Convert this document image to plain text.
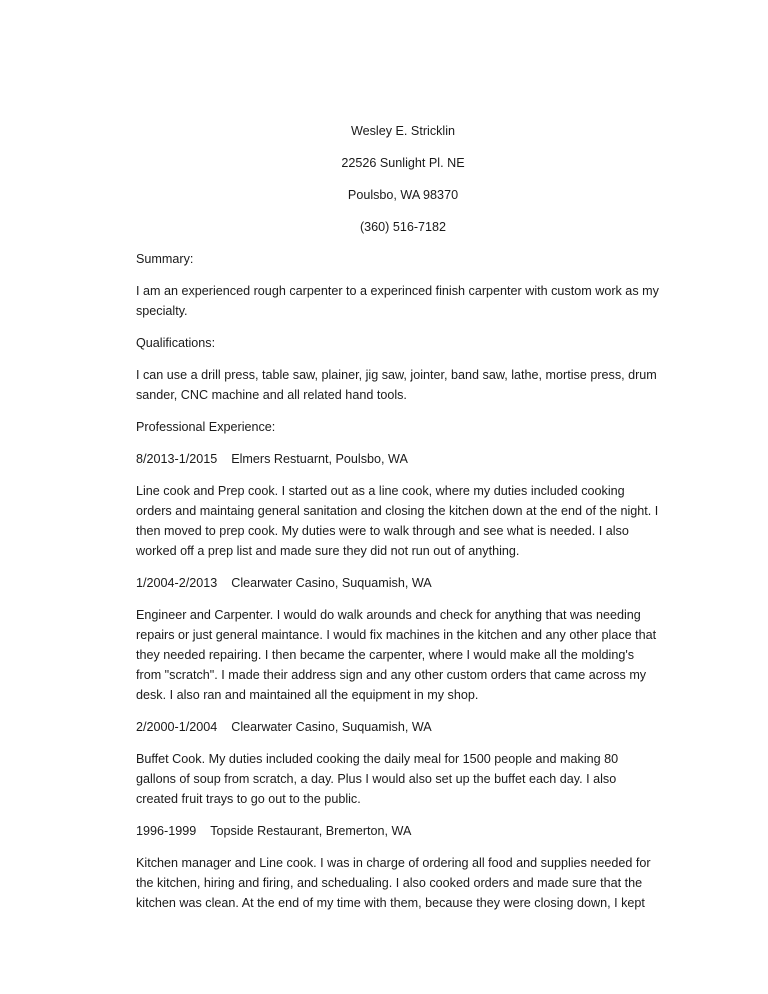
Wesley E. Stricklin
22526 Sunlight Pl. NE
Poulsbo, WA 98370
(360) 516-7182

Summary:

I am an experienced rough carpenter to a experinced finish carpenter with custom work as my specialty.

Qualifications:

I can use a drill press, table saw, plainer, jig saw, jointer, band saw, lathe, mortise press, drum sander, CNC machine and all related hand tools.

Professional Experience:

8/2013-1/2015 Elmers Restuarnt, Poulsbo, WA

Line cook and Prep cook. I started out as a line cook, where my duties included cooking orders and maintaing general sanitation and closing the kitchen down at the end of the night. I then moved to prep cook. My duties were to walk through and see what is needed. I also worked off a prep list and made sure they did not run out of anything.

1/2004-2/2013 Clearwater Casino, Suquamish, WA

Engineer and Carpenter. I would do walk arounds and check for anything that was needing repairs or just general maintance. I would fix machines in the kitchen and any other place that they needed repairing. I then became the carpenter, where I would make all the molding's from "scratch". I made their address sign and any other custom orders that came across my desk. I also ran and maintained all the equipment in my shop.

2/2000-1/2004 Clearwater Casino, Suquamish, WA

Buffet Cook. My duties included cooking the daily meal for 1500 people and making 80 gallons of soup from scratch, a day. Plus I would also set up the buffet each day. I also created fruit trays to go out to the public.

1996-1999 Topside Restaurant, Bremerton, WA

Kitchen manager and Line cook. I was in charge of ordering all food and supplies needed for the kitchen, hiring and firing, and schedualing. I also cooked orders and made sure that the kitchen was clean. At the end of my time with them, because they were closing down, I kept
